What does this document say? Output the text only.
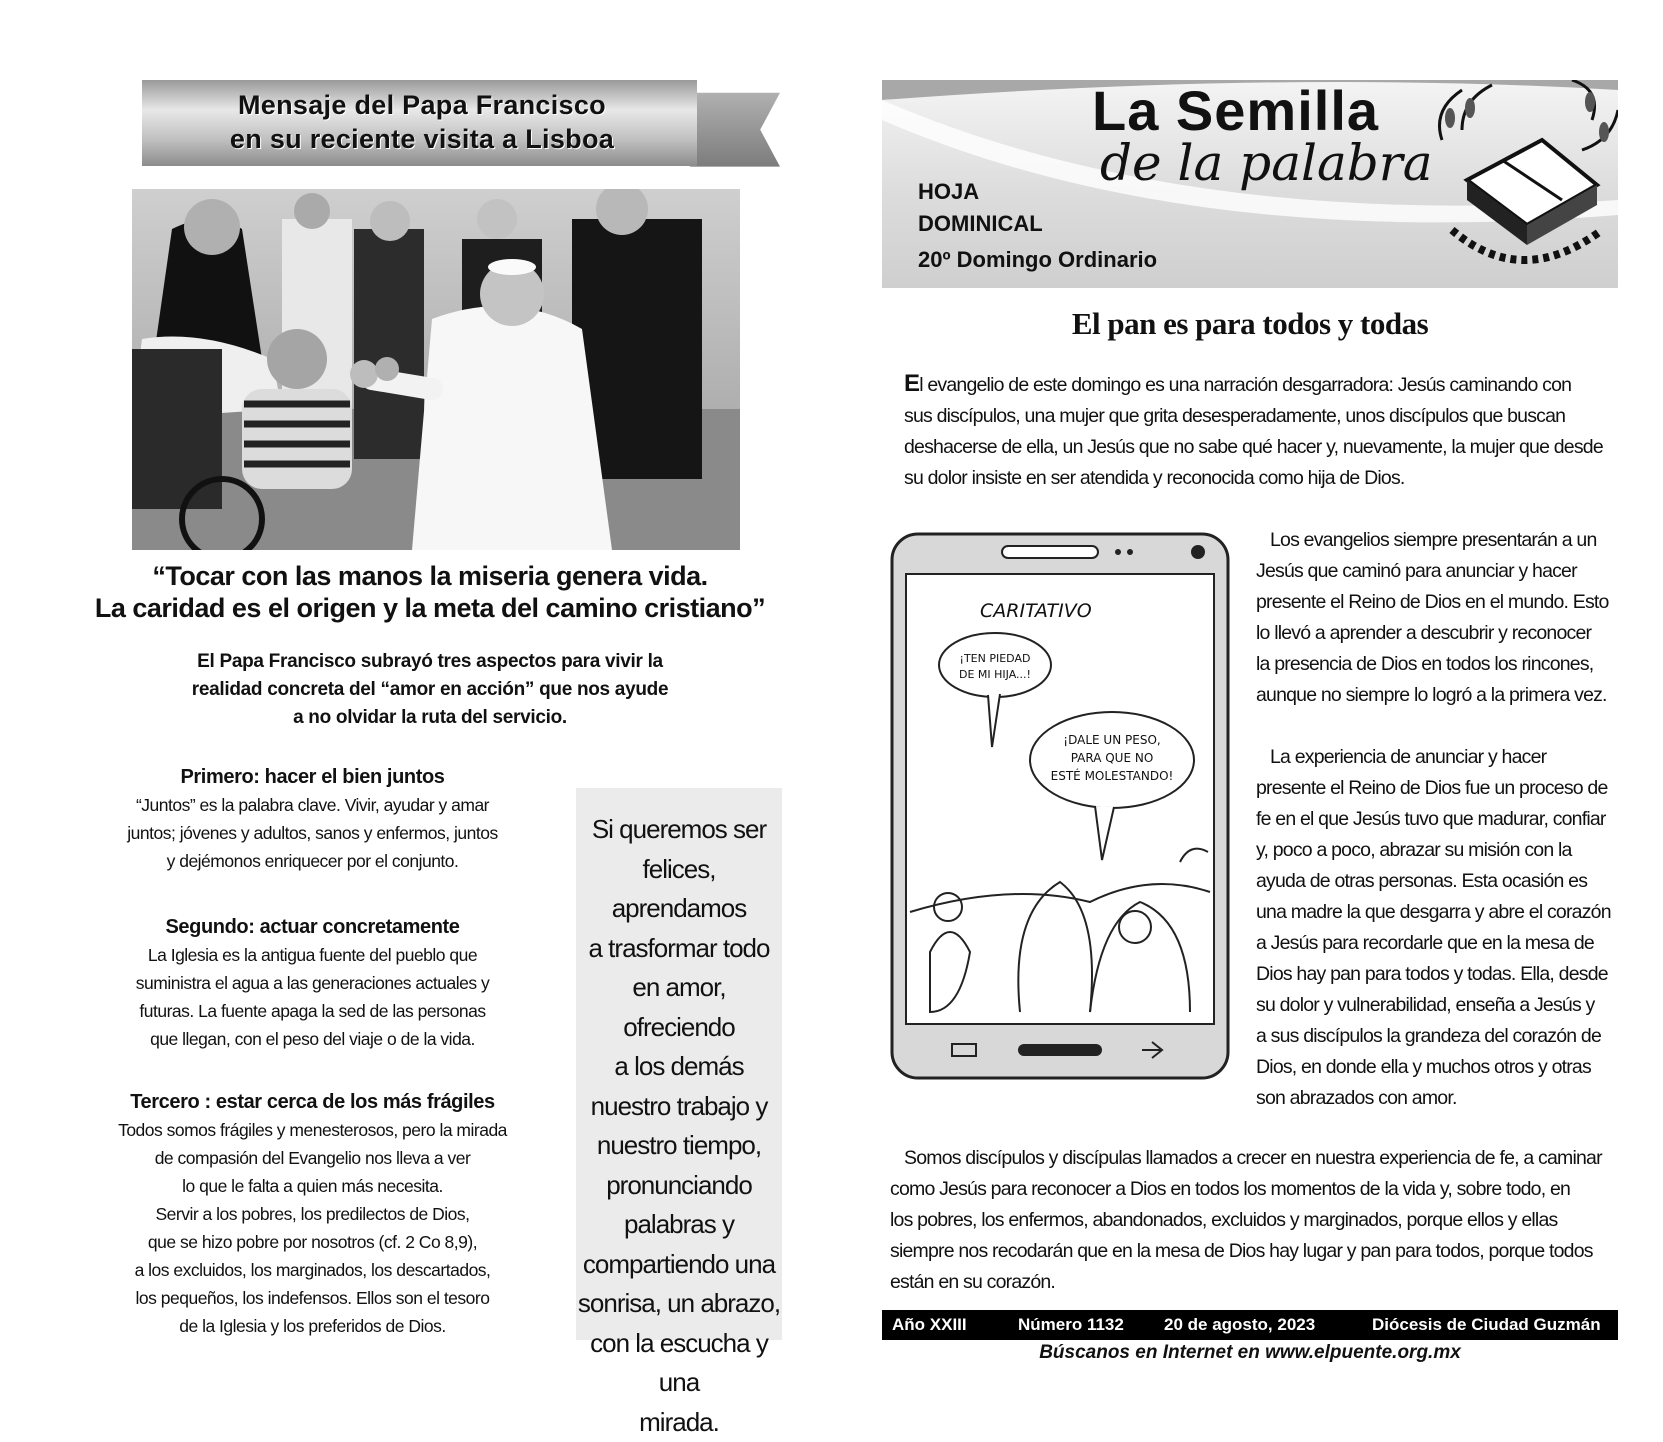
Mensaje del Papa Francisco
en su reciente visita a Lisboa
“Tocar con las manos la miseria genera vida.
La caridad es el origen y la meta del camino cristiano”
El Papa Francisco subrayó tres aspectos para vivir la
realidad concreta del “amor en acción” que nos ayude
a no olvidar la ruta del servicio.
Primero: hacer el bien juntos
“Juntos” es la palabra clave. Vivir, ayudar y amar
juntos; jóvenes y adultos, sanos y enfermos, juntos
y dejémonos enriquecer por el conjunto.
Segundo: actuar concretamente
La Iglesia es la antigua fuente del pueblo que
suministra el agua a las generaciones actuales y
futuras. La fuente apaga la sed de las personas
que llegan, con el peso del viaje o de la vida.
Tercero : estar cerca de los más frágiles
Todos somos frágiles y menesterosos, pero la mirada
de compasión del Evangelio nos lleva a ver
lo que le falta a quien más necesita.
Servir a los pobres, los predilectos de Dios,
que se hizo pobre por nosotros (cf. 2 Co 8,9),
a los excluidos, los marginados, los descartados,
los pequeños, los indefensos. Ellos son el tesoro
de la Iglesia y los preferidos de Dios.
Si queremos ser
felices, aprendamos
a trasformar todo
en amor, ofreciendo
a los demás
nuestro trabajo y
nuestro tiempo,
pronunciando
palabras y
compartiendo una
sonrisa, un abrazo,
con la escucha y una
mirada.
La Semilla
de la palabra
HOJA
DOMINICAL
20º Domingo Ordinario
El pan es para todos y todas
El evangelio de este domingo es una narración desgarradora: Jesús caminando con
sus discípulos, una mujer que grita desesperadamente, unos discípulos que buscan
deshacerse de ella, un Jesús que no sabe qué hacer y, nuevamente, la mujer que desde
su dolor insiste en ser atendida y reconocida como hija de Dios.
CARITATIVO
¡TEN PIEDAD
DE MI HIJA...!
¡DALE UN PESO,
PARA QUE NO
ESTÉ MOLESTANDO!
Los evangelios siempre presentarán a un
Jesús que caminó para anunciar y hacer
presente el Reino de Dios en el mundo. Esto
lo llevó a aprender a descubrir y reconocer
la presencia de Dios en todos los rincones,
aunque no siempre lo logró a la primera vez.
La experiencia de anunciar y hacer
presente el Reino de Dios fue un proceso de
fe en el que Jesús tuvo que madurar, confiar
y, poco a poco, abrazar su misión con la
ayuda de otras personas. Esta ocasión es
una madre la que desgarra y abre el corazón
a Jesús para recordarle que en la mesa de
Dios hay pan para todos y todas. Ella, desde
su dolor y vulnerabilidad, enseña a Jesús y
a sus discípulos la grandeza del corazón de
Dios, en donde ella y muchos otros y otras
son abrazados con amor.
Somos discípulos y discípulas llamados a crecer en nuestra experiencia de fe, a caminar
como Jesús para reconocer a Dios en todos los momentos de la vida y, sobre todo, en
los pobres, los enfermos, abandonados, excluidos y marginados, porque ellos y ellas
siempre nos recodarán que en la mesa de Dios hay lugar y pan para todos, porque todos
están en su corazón.
Año XXIII	Número 1132 20 de agosto, 2023	Diócesis de Ciudad Guzmán
Búscanos en Internet en www.elpuente.org.mx
